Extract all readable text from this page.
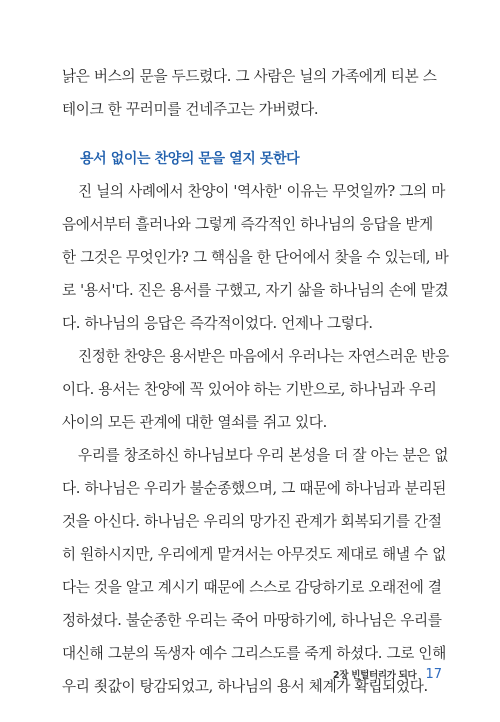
낡은 버스의 문을 두드렸다. 그 사람은 닐의 가족에게 티본 스
테이크 한 꾸러미를 건네주고는 가버렸다.
용서 없이는 찬양의 문을 열지 못한다
진 닐의 사례에서 찬양이 '역사한' 이유는 무엇일까? 그의 마
음에서부터 흘러나와 그렇게 즉각적인 하나님의 응답을 받게
한 그것은 무엇인가? 그 핵심을 한 단어에서 찾을 수 있는데, 바
로 '용서'다. 진은 용서를 구했고, 자기 삶을 하나님의 손에 맡겼
다. 하나님의 응답은 즉각적이었다. 언제나 그렇다.
진정한 찬양은 용서받은 마음에서 우러나는 자연스러운 반응
이다. 용서는 찬양에 꼭 있어야 하는 기반으로, 하나님과 우리
사이의 모든 관계에 대한 열쇠를 쥐고 있다.
우리를 창조하신 하나님보다 우리 본성을 더 잘 아는 분은 없
다. 하나님은 우리가 불순종했으며, 그 때문에 하나님과 분리된
것을 아신다. 하나님은 우리의 망가진 관계가 회복되기를 간절
히 원하시지만, 우리에게 맡겨서는 아무것도 제대로 해낼 수 없
다는 것을 알고 계시기 때문에 스스로 감당하기로 오래전에 결
정하셨다. 불순종한 우리는 죽어 마땅하기에, 하나님은 우리를
대신해 그분의 독생자 예수 그리스도를 죽게 하셨다. 그로 인해
우리 죗값이 탕감되었고, 하나님의 용서 체계가 확립되었다.
2장 빈털터리가 되다 17
